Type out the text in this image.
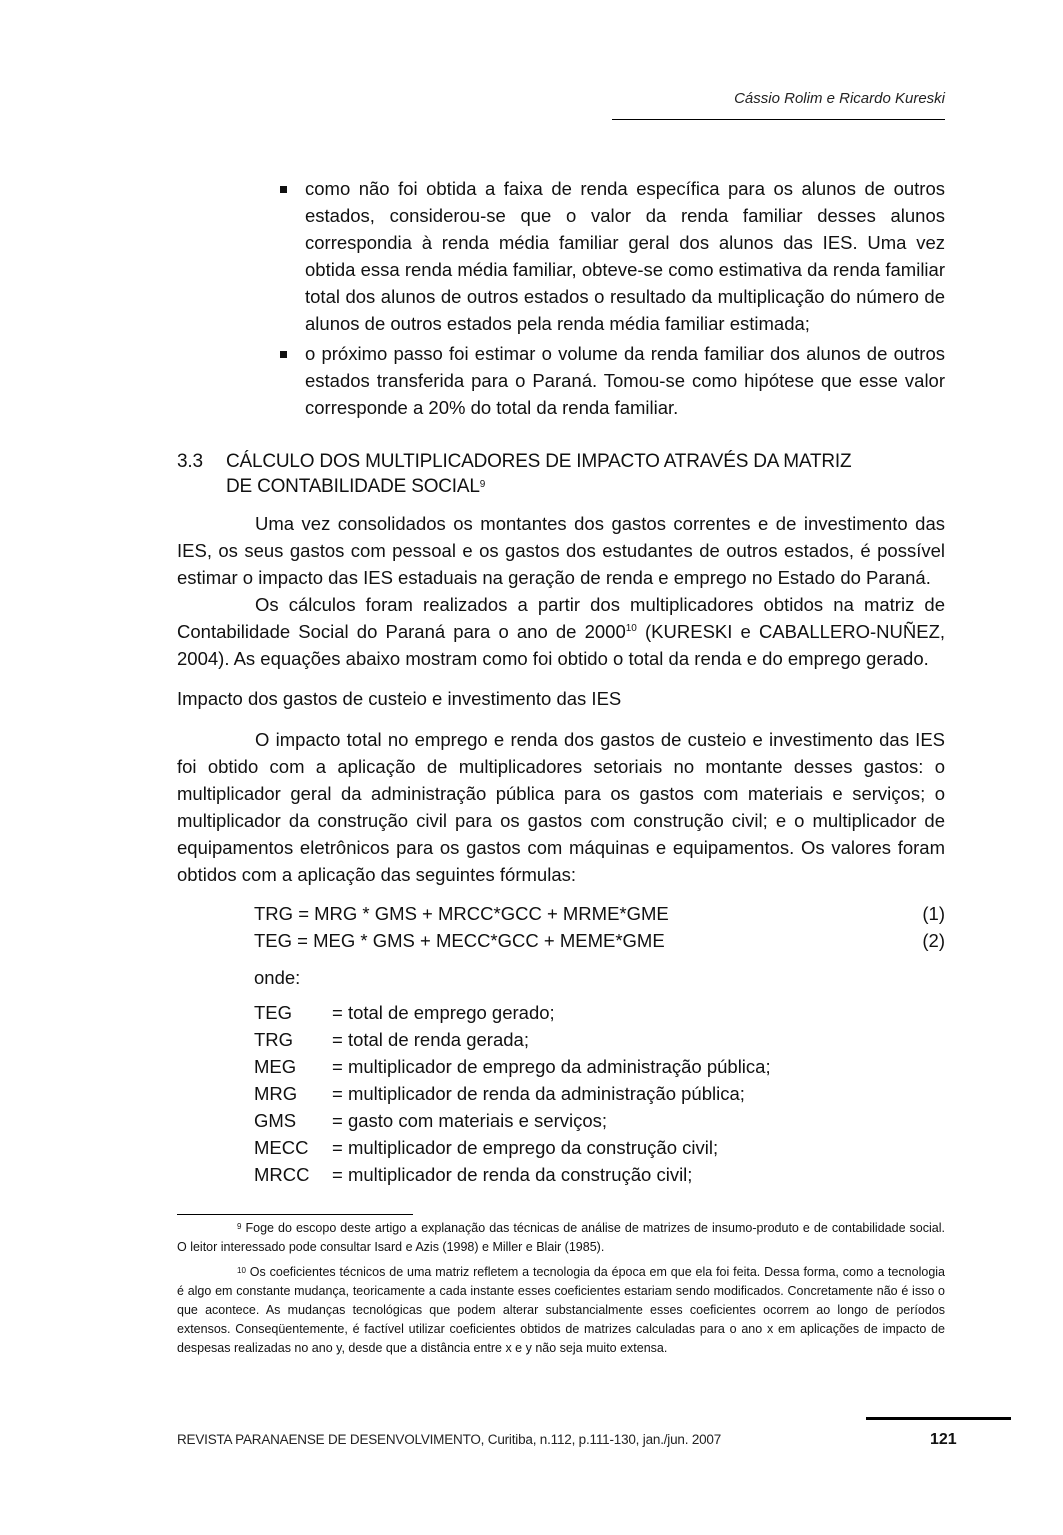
Cássio Rolim e Ricardo Kureski
como não foi obtida a faixa de renda específica para os alunos de outros estados, considerou-se que o valor da renda familiar desses alunos correspondia à renda média familiar geral dos alunos das IES. Uma vez obtida essa renda média familiar, obteve-se como estimativa da renda familiar total dos alunos de outros estados o resultado da multiplicação do número de alunos de outros estados pela renda média familiar estimada;
o próximo passo foi estimar o volume da renda familiar dos alunos de outros estados transferida para o Paraná. Tomou-se como hipótese que esse valor corresponde a 20% do total da renda familiar.
3.3 CÁLCULO DOS MULTIPLICADORES DE IMPACTO ATRAVÉS DA MATRIZ
DE CONTABILIDADE SOCIAL$^9$

Uma vez consolidados os montantes dos gastos correntes e de investimento das IES, os seus gastos com pessoal e os gastos dos estudantes de outros estados, é possível estimar o impacto das IES estaduais na geração de renda e emprego no Estado do Paraná.

Os cálculos foram realizados a partir dos multiplicadores obtidos na matriz de Contabilidade Social do Paraná para o ano de 2000$^{10}$ (KURESKI e CABALLERO-NUÑEZ, 2004). As equações abaixo mostram como foi obtido o total da renda e do emprego gerado.

Impacto dos gastos de custeio e investimento das IES

O impacto total no emprego e renda dos gastos de custeio e investimento das IES foi obtido com a aplicação de multiplicadores setoriais no montante desses gastos: o multiplicador geral da administração pública para os gastos com materiais e serviços; o multiplicador da construção civil para os gastos com construção civil; e o multiplicador de equipamentos eletrônicos para os gastos com máquinas e equipamentos. Os valores foram obtidos com a aplicação das seguintes fórmulas:

TRG = MRG * GMS + MRCC*GCC + MRME*GME	(1)
TEG = MEG * GMS + MECC*GCC + MEME*GME	(2)
onde:
TEG	= total de emprego gerado;
TRG	= total de renda gerada;
MEG	= multiplicador de emprego da administração pública;
MRG	= multiplicador de renda da administração pública;
GMS	= gasto com materiais e serviços;
MECC	= multiplicador de emprego da construção civil;
MRCC	= multiplicador de renda da construção civil;

$^9$ Foge do escopo deste artigo a explanação das técnicas de análise de matrizes de insumo-produto e de contabilidade social. O leitor interessado pode consultar Isard e Azis (1998) e Miller e Blair (1985).

$^{10}$ Os coeficientes técnicos de uma matriz refletem a tecnologia da época em que ela foi feita. Dessa forma, como a tecnologia é algo em constante mudança, teoricamente a cada instante esses coeficientes estariam sendo modificados. Concretamente não é isso o que acontece. As mudanças tecnológicas que podem alterar substancialmente esses coeficientes ocorrem ao longo de períodos extensos. Conseqüentemente, é factível utilizar coeficientes obtidos de matrizes calculadas para o ano x em aplicações de impacto de despesas realizadas no ano y, desde que a distância entre x e y não seja muito extensa.

REVISTA PARANAENSE DE DESENVOLVIMENTO, Curitiba, n.112, p.111-130, jan./jun. 2007	121
